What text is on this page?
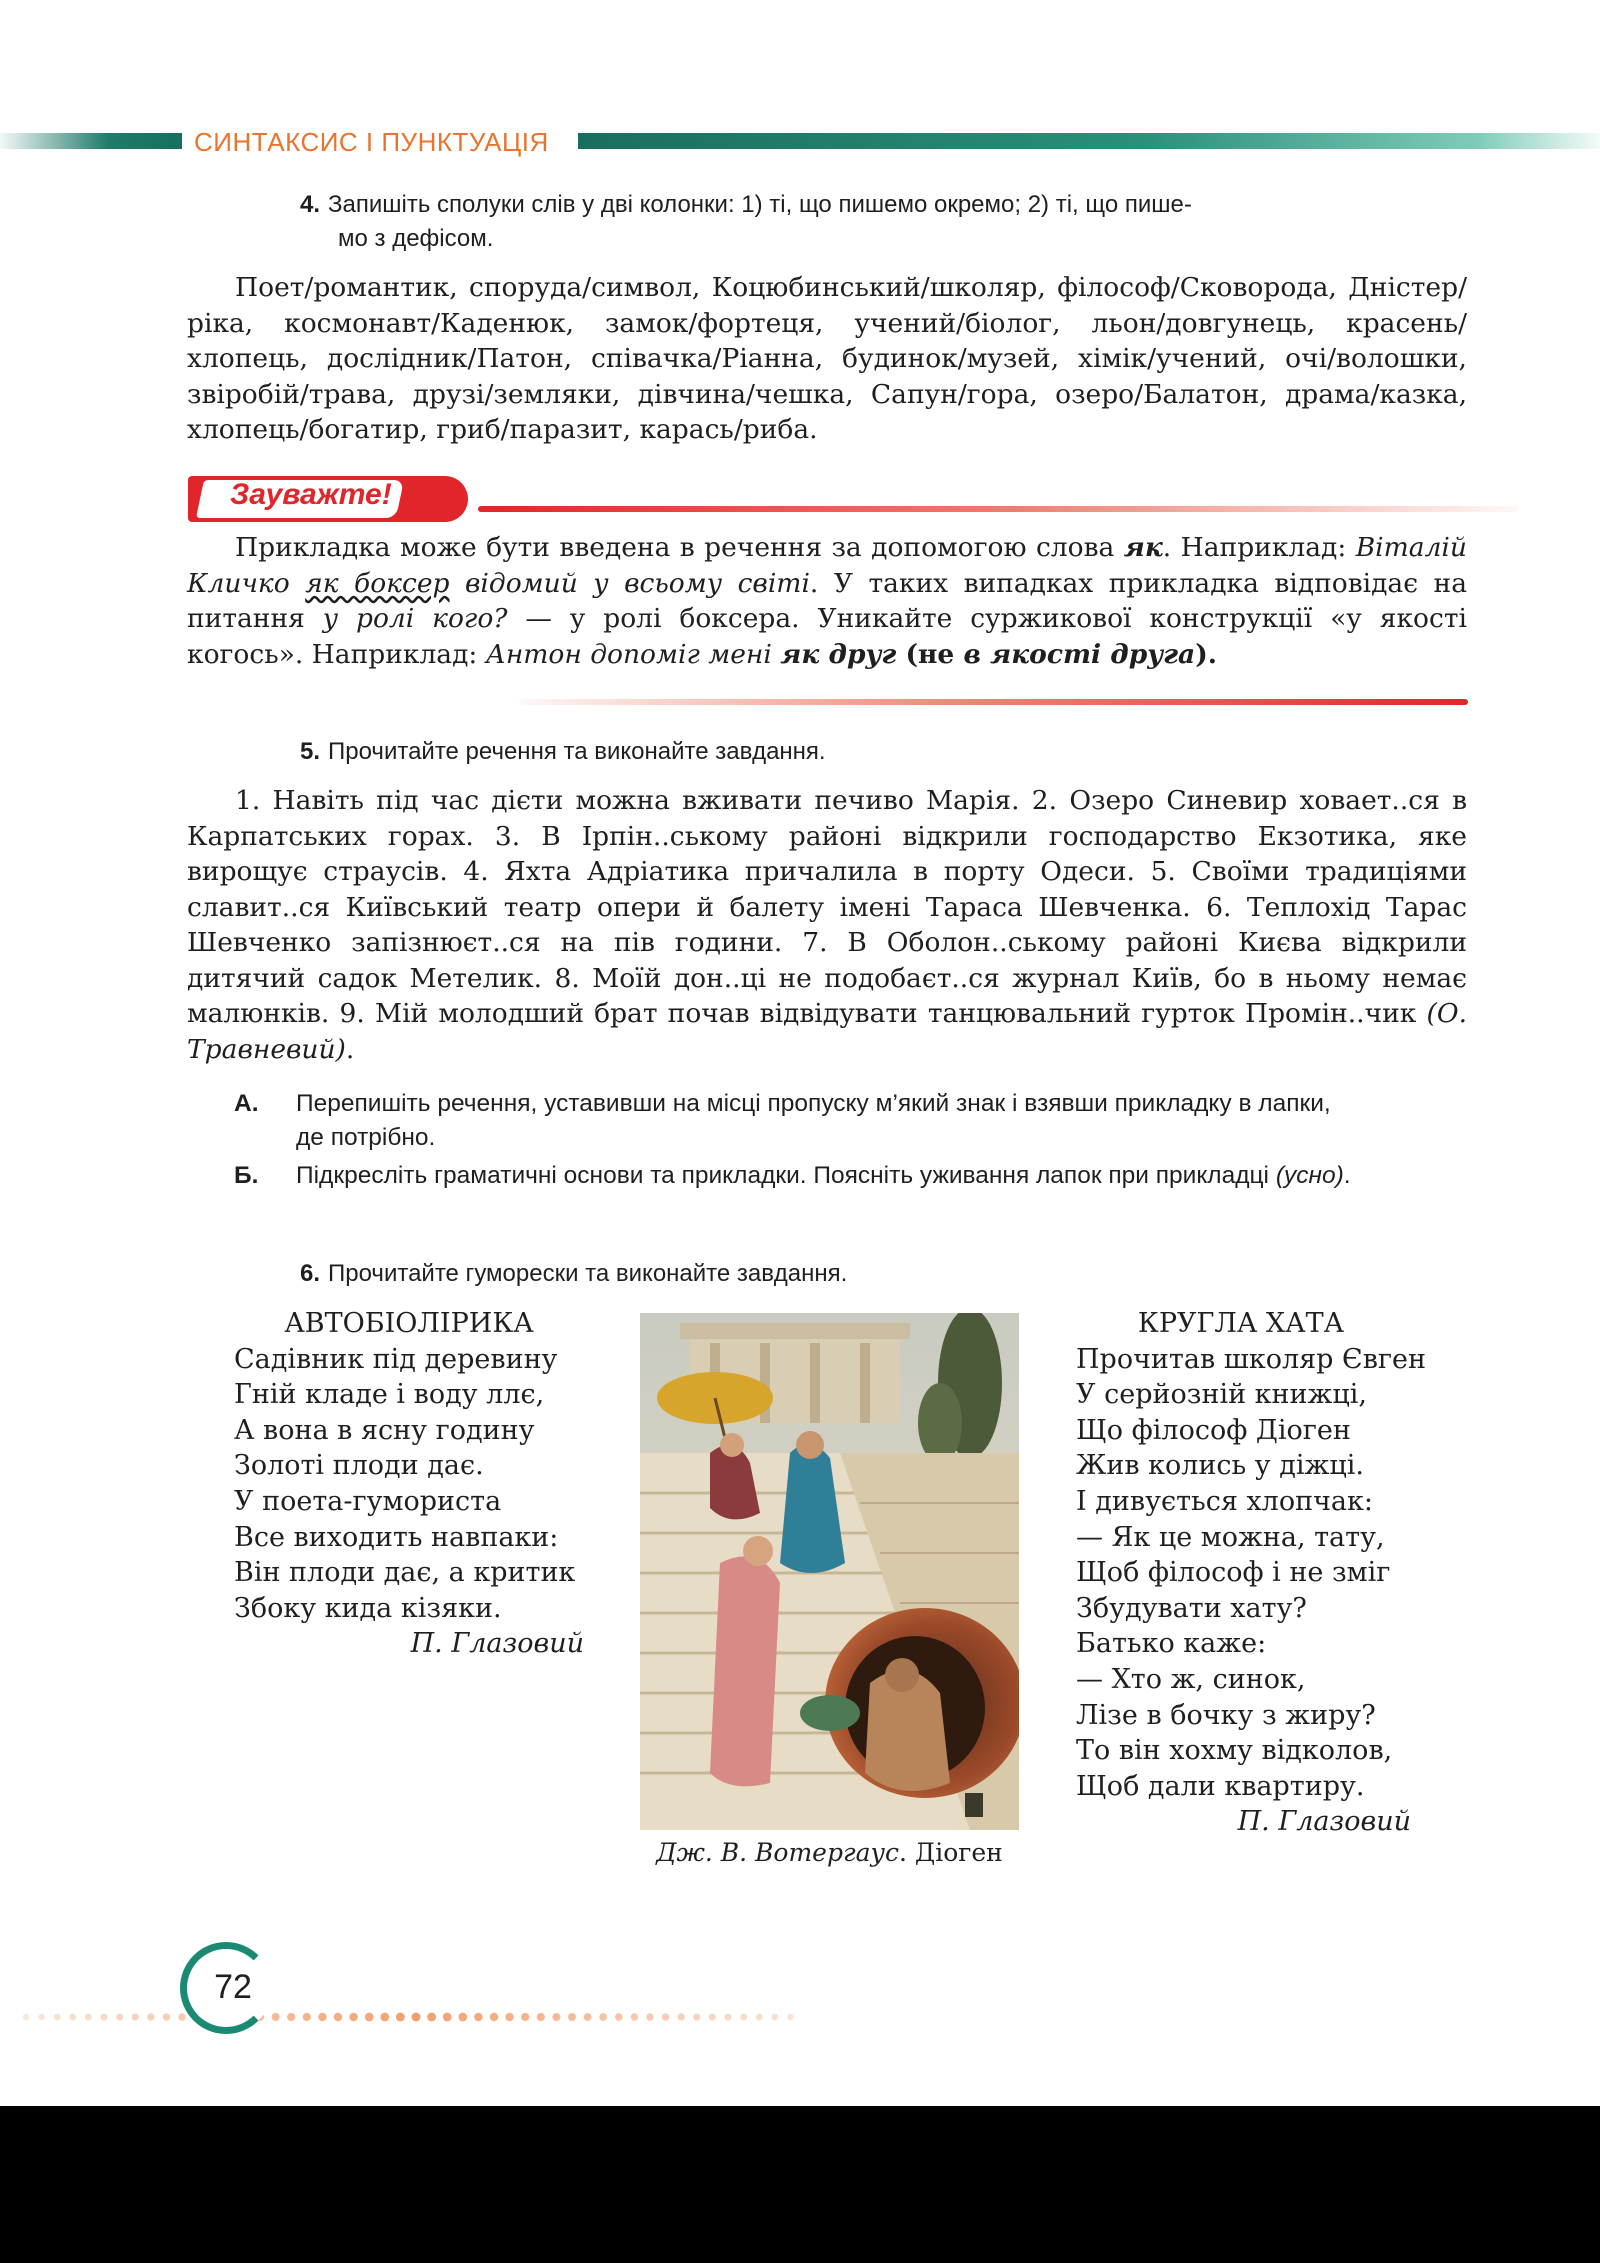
СИНТАКСИС І ПУНКТУАЦІЯ
4. Запишіть сполуки слів у дві колонки: 1) ті, що пишемо окремо; 2) ті, що пише-
мо з дефісом.

Поет/романтик, споруда/символ, Коцюбинський/школяр, філософ/Сковорода, Дністер/ріка, космонавт/Каденюк, замок/фортеця, учений/біолог, льон/довгунець, красень/хлопець, дослідник/Патон, співачка/Ріанна, будинок/музей, хімік/учений, очі/волошки, звіробій/трава, друзі/земляки, дівчина/чешка, Сапун/гора, озеро/Балатон, драма/казка, хлопець/богатир, гриб/паразит, карась/риба.

Зауважте!

Прикладка може бути введена в речення за допомогою слова як. Наприклад: Віталій Кличко як боксер відомий у всьому світі. У таких випадках прикладка відповідає на питання у ролі кого? — у ролі боксера. Уникайте суржикової конструкції «у якості когось». Наприклад: Антон допоміг мені як друг (не в якості друга).

5. Прочитайте речення та виконайте завдання.

1. Навіть під час дієти можна вживати печиво Марія. 2. Озеро Синевир ховает..ся в Карпатських горах. 3. В Ірпін..ському районі відкрили господарство Екзотика, яке вирощує страусів. 4. Яхта Адріатика причалила в порту Одеси. 5. Своїми традиціями славит..ся Київський театр опери й балету імені Тараса Шевченка. 6. Теплохід Тарас Шевченко запізнюєт..ся на пів години. 7. В Оболон..ському районі Києва відкрили дитячий садок Метелик. 8. Моїй дон..ці не подобаєт..ся журнал Київ, бо в ньому немає малюнків. 9. Мій молодший брат почав відвідувати танцювальний гурток Промін..чик (О. Травневий).

А. Перепишіть речення, уставивши на місці пропуску м’який знак і взявши прикладку в лапки, де потрібно.
Б. Підкресліть граматичні основи та прикладки. Поясніть уживання лапок при прикладці (усно).
6. Прочитайте гуморески та виконайте завдання.
АВТОБІОЛІРИКА
Садівник під деревину
Гній кладе і воду ллє,
А вона в ясну годину
Золоті плоди дає.
У поета-гумориста
Все виходить навпаки:
Він плоди дає, а критик
Збоку кида кізяки.
П. Глазовий
Дж. В. Вотергаус. Діоген
КРУГЛА ХАТА
Прочитав школяр Євген
У серйозній книжці,
Що філософ Діоген
Жив колись у діжці.
І дивується хлопчак:
— Як це можна, тату,
Щоб філософ і не зміг
Збудувати хату?
Батько каже:
— Хто ж, синок,
Лізе в бочку з жиру?
То він хохму відколов,
Щоб дали квартиру.
П. Глазовий
72
